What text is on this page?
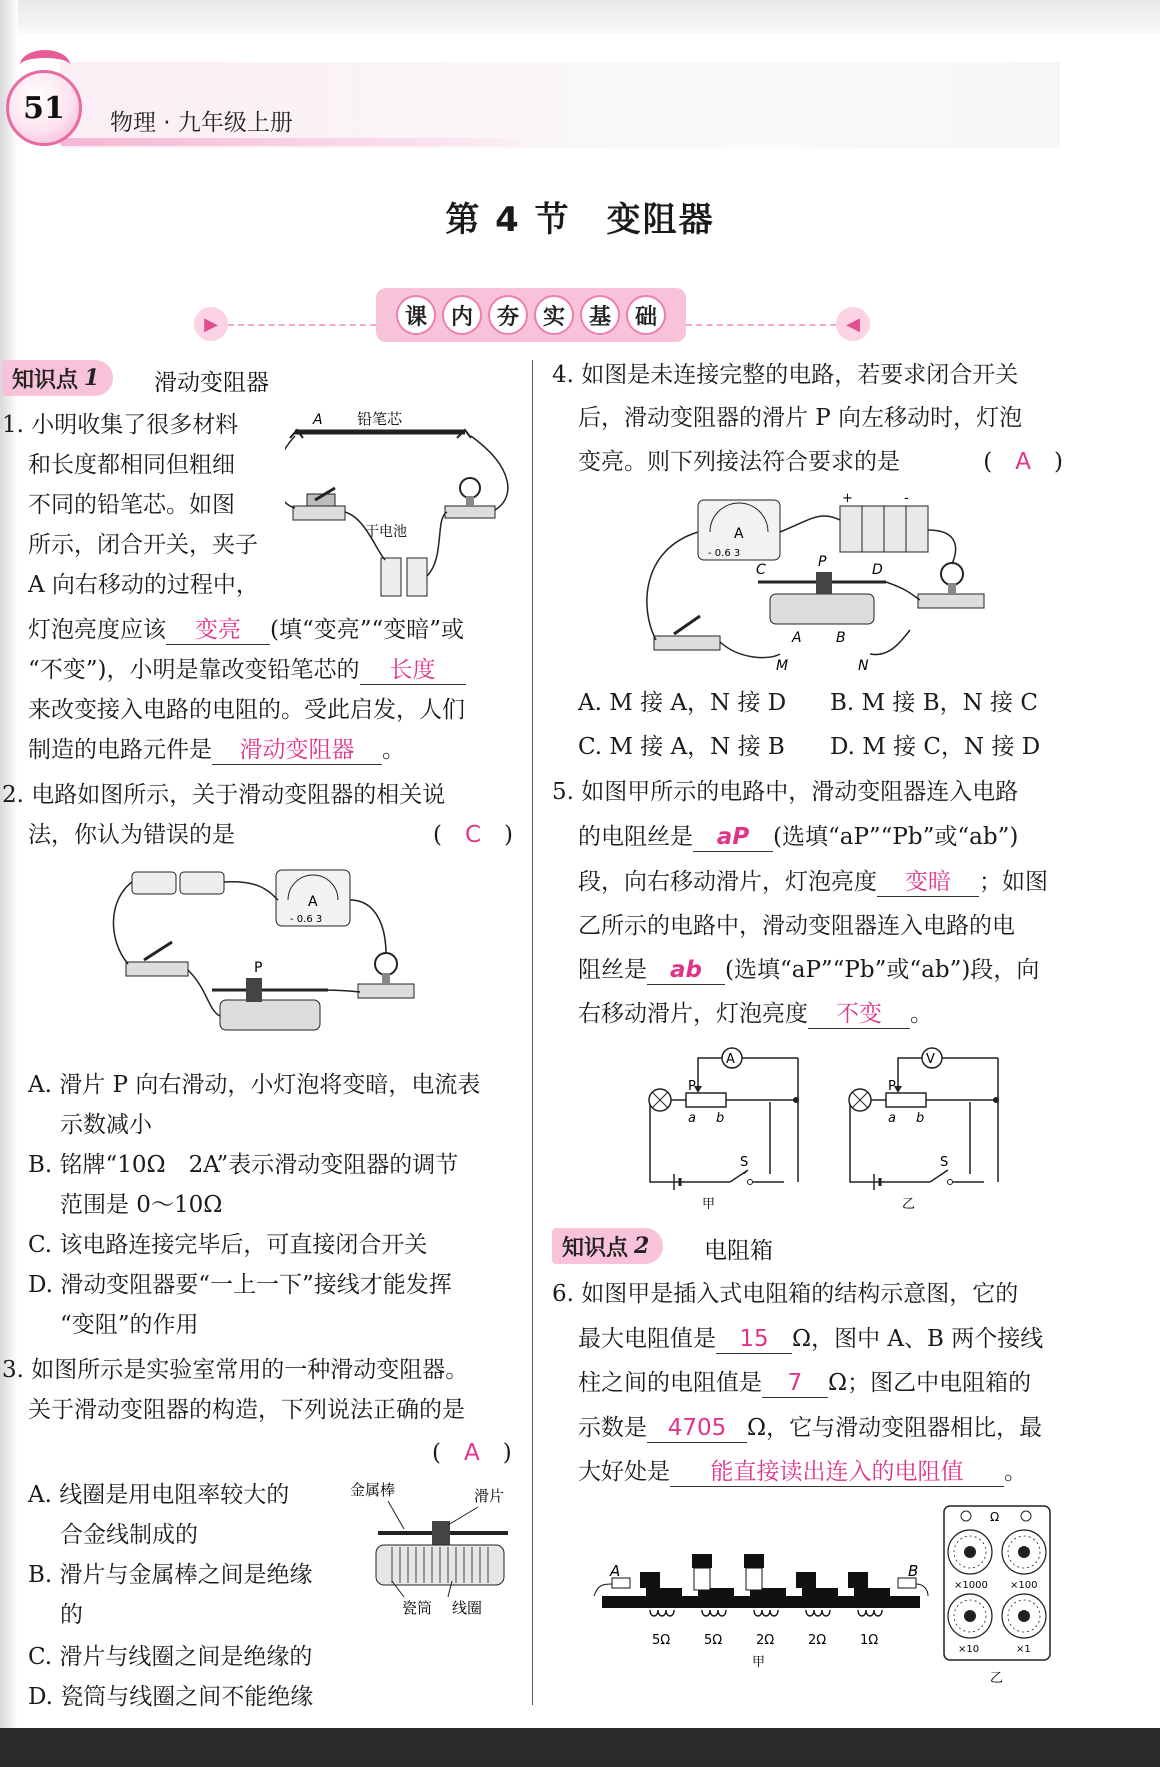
51 物理 · 九年级上册
第 4 节　变阻器
▶	◀
课	内	夯	实	基	础
知识点 1 滑动变阻器
1. 小明收集了很多材料
和长度都相同但粗细
不同的铅笔芯。如图
所示，闭合开关，夹子
A 向右移动的过程中，
灯泡亮度应该 变亮 (填“变亮”“变暗”或
“不变”)，小明是靠改变铅笔芯的 长度
来改变接入电路的电阻的。受此启发，人们
制造的电路元件是 滑动变阻器 。
A 铅笔芯
干电池
2. 电路如图所示，关于滑动变阻器的相关说
法，你认为错误的是	(　C　)
A
- 0.6 3
P
A. 滑片 P 向右滑动，小灯泡将变暗，电流表
示数减小
B. 铭牌“10Ω　2A”表示滑动变阻器的调节
范围是 0～10Ω
C. 该电路连接完毕后，可直接闭合开关
D. 滑动变阻器要“一上一下”接线才能发挥
“变阻”的作用
3. 如图所示是实验室常用的一种滑动变阻器。
关于滑动变阻器的构造，下列说法正确的是
(　A　)
A. 线圈是用电阻率较大的
合金线制成的
B. 滑片与金属棒之间是绝缘
的
C. 滑片与线圈之间是绝缘的
D. 瓷筒与线圈之间不能绝缘
金属棒	滑片
瓷筒 线圈
4. 如图是未连接完整的电路，若要求闭合开关
后，滑动变阻器的滑片 P 向左移动时，灯泡
变亮。则下列接法符合要求的是	(　A　)
A
- 0.6 3
+	-
C	P	D
A B
M	N
A. M 接 A，N 接 D B. M 接 B，N 接 C
C. M 接 A，N 接 B D. M 接 C，N 接 D
5. 如图甲所示的电路中，滑动变阻器连入电路
的电阻丝是 aP (选填“aP”“Pb”或“ab”)
段，向右移动滑片，灯泡亮度 变暗 ；如图
乙所示的电路中，滑动变阻器连入电路的电
阻丝是 ab (选填“aP”“Pb”或“ab”)段，向
右移动滑片，灯泡亮度 不变 。
A
P
a b
S
甲
V
P
a b
S
乙
知识点 2 电阻箱
6. 如图甲是插入式电阻箱的结构示意图，它的
最大电阻值是 15 Ω，图中 A、B 两个接线
柱之间的电阻值是 7 Ω；图乙中电阻箱的
示数是 4705 Ω，它与滑动变阻器相比，最
大好处是 能直接读出连入的电阻值 。
A	B
5Ω	5Ω	2Ω	2Ω	1Ω
甲
Ω
×1000 ×100
×10	×1
乙
